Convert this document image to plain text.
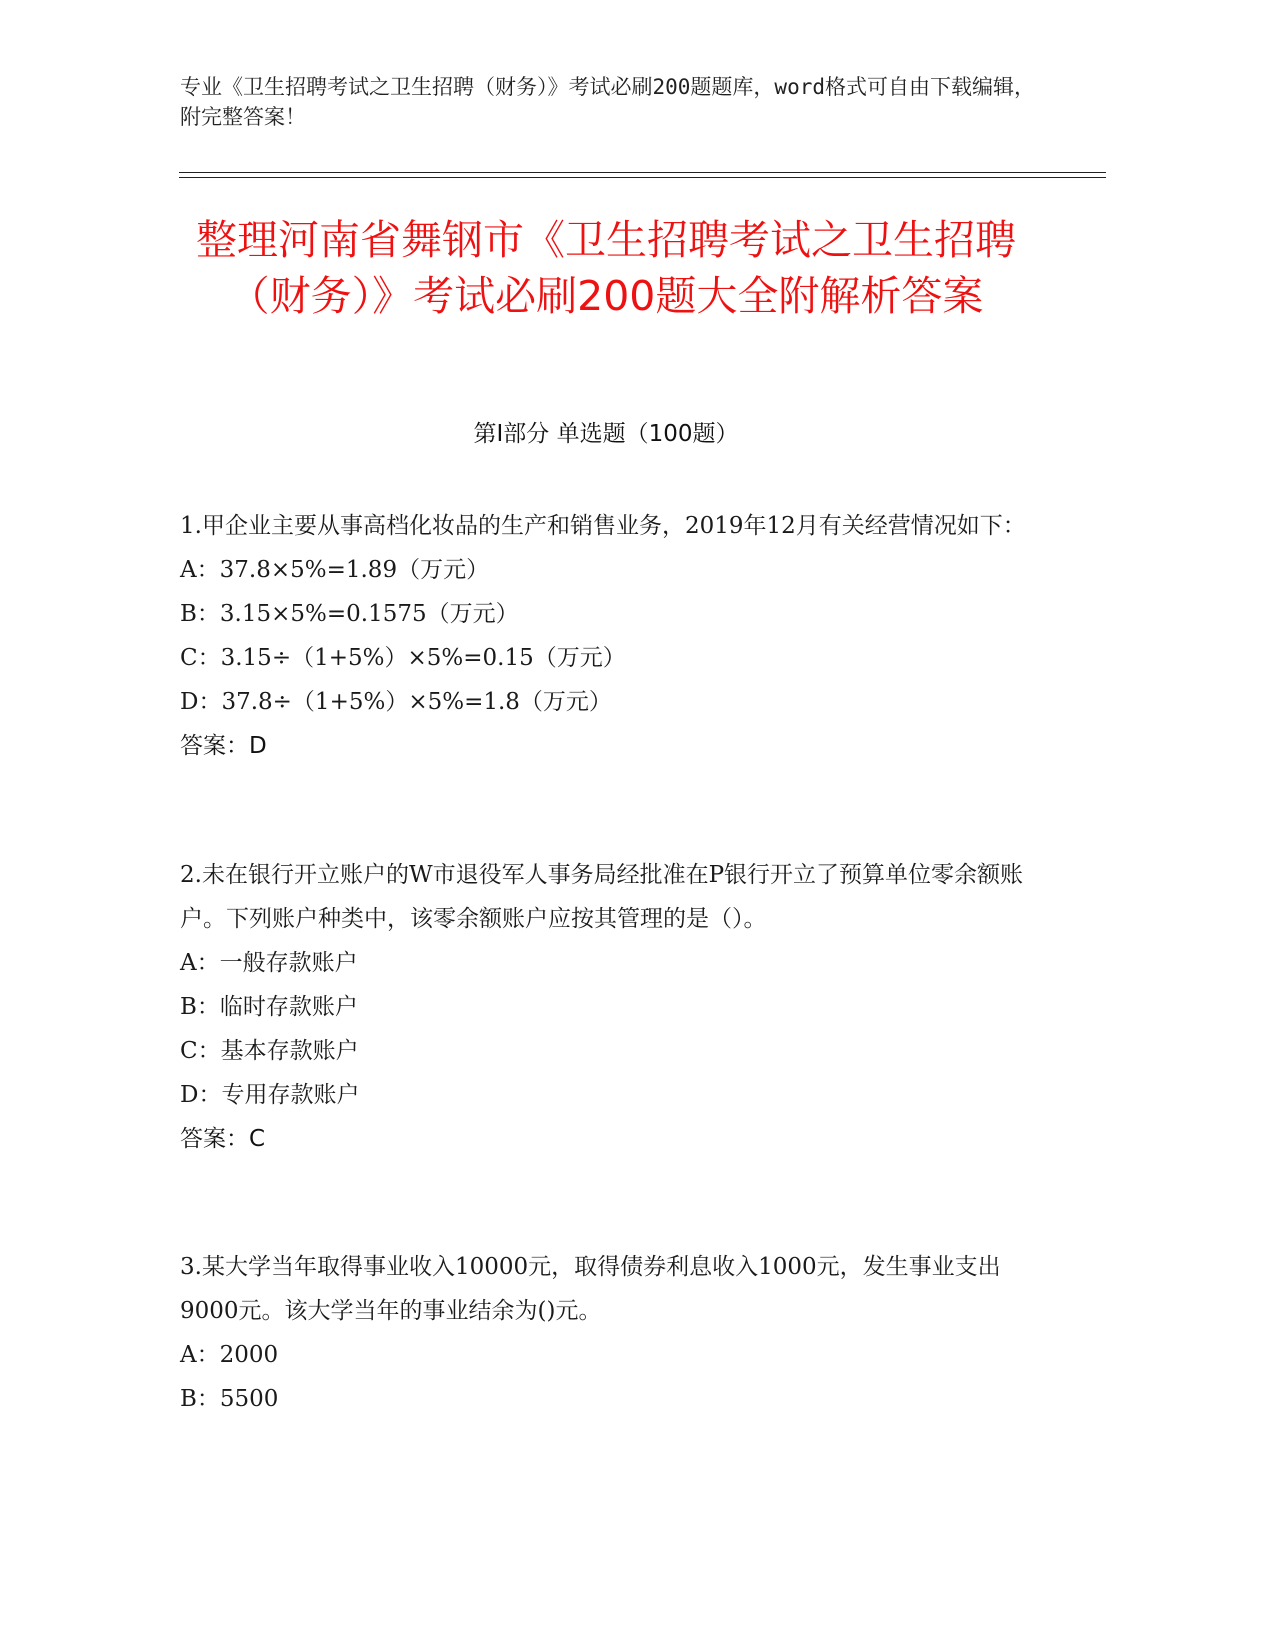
专业《卫生招聘考试之卫生招聘（财务）》考试必刷200题题库，word格式可自由下载编辑，附完整答案！
整理河南省舞钢市《卫生招聘考试之卫生招聘（财务）》考试必刷200题大全附解析答案
第Ⅰ部分 单选题（100题）
1.甲企业主要从事高档化妆品的生产和销售业务，2019年12月有关经营情况如下：
A：37.8×5%=1.89（万元）
B：3.15×5%=0.1575（万元）
C：3.15÷（1+5%）×5%=0.15（万元）
D：37.8÷（1+5%）×5%=1.8（万元）
答案：D
2.未在银行开立账户的W市退役军人事务局经批准在P银行开立了预算单位零余额账户。下列账户种类中，该零余额账户应按其管理的是（）。
A：一般存款账户
B：临时存款账户
C：基本存款账户
D：专用存款账户
答案：C
3.某大学当年取得事业收入10000元，取得债券利息收入1000元，发生事业支出9000元。该大学当年的事业结余为()元。
A：2000
B：5500
